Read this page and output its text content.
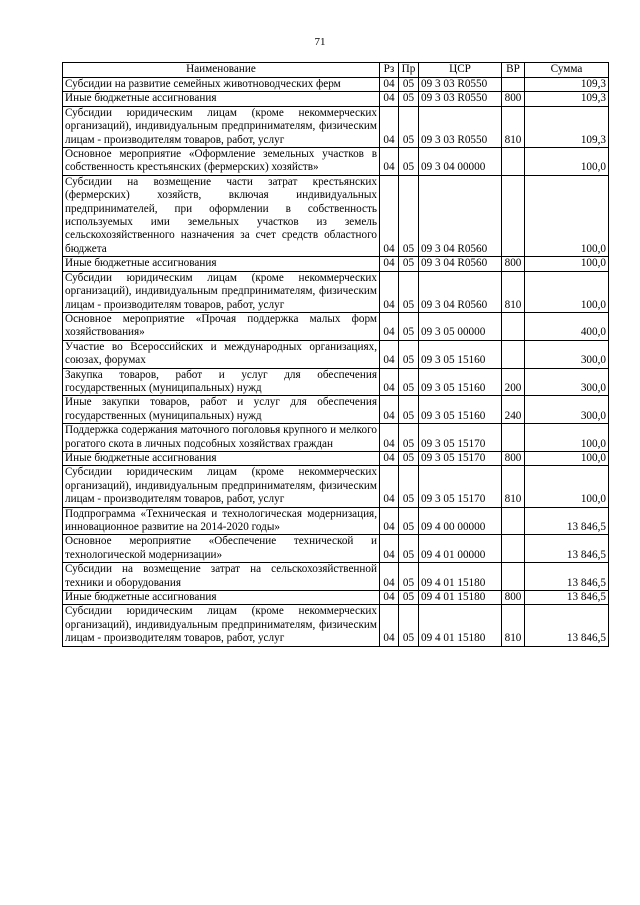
71
Наименование	Рз	Пр	ЦСР	ВР	Сумма
Субсидии на развитие семейных животноводческих ферм	04	05	09 3 03 R0550		109,3
Иные бюджетные ассигнования	04	05	09 3 03 R0550	800	109,3
Субсидии юридическим лицам (кроме некоммерческих организаций), индивидуальным предпринимателям, физическим лицам - производителям товаров, работ, услуг	04	05	09 3 03 R0550	810	109,3
Основное мероприятие «Оформление земельных участков в собственность крестьянских (фермерских) хозяйств»	04	05	09 3 04 00000		100,0
Субсидии на возмещение части затрат крестьянских (фермерских) хозяйств, включая индивидуальных предпринимателей, при оформлении в собственность используемых ими земельных участков из земель сельскохозяйственного назначения за счет средств областного бюджета	04	05	09 3 04 R0560		100,0
Иные бюджетные ассигнования	04	05	09 3 04 R0560	800	100,0
Субсидии юридическим лицам (кроме некоммерческих организаций), индивидуальным предпринимателям, физическим лицам - производителям товаров, работ, услуг	04	05	09 3 04 R0560	810	100,0
Основное мероприятие «Прочая поддержка малых форм хозяйствования»	04	05	09 3 05 00000		400,0
Участие во Всероссийских и международных организациях, союзах, форумах	04	05	09 3 05 15160		300,0
Закупка товаров, работ и услуг для обеспечения государственных (муниципальных) нужд	04	05	09 3 05 15160	200	300,0
Иные закупки товаров, работ и услуг для обеспечения государственных (муниципальных) нужд	04	05	09 3 05 15160	240	300,0
Поддержка содержания маточного поголовья крупного и мелкого рогатого скота в личных подсобных хозяйствах граждан	04	05	09 3 05 15170		100,0
Иные бюджетные ассигнования	04	05	09 3 05 15170	800	100,0
Субсидии юридическим лицам (кроме некоммерческих организаций), индивидуальным предпринимателям, физическим лицам - производителям товаров, работ, услуг	04	05	09 3 05 15170	810	100,0
Подпрограмма «Техническая и технологическая модернизация, инновационное развитие на 2014-2020 годы»	04	05	09 4 00 00000		13 846,5
Основное мероприятие «Обеспечение технической и технологической модернизации»	04	05	09 4 01 00000		13 846,5
Субсидии на возмещение затрат на сельскохозяйственной техники и оборудования	04	05	09 4 01 15180		13 846,5
Иные бюджетные ассигнования	04	05	09 4 01 15180	800	13 846,5
Субсидии юридическим лицам (кроме некоммерческих организаций), индивидуальным предпринимателям, физическим лицам - производителям товаров, работ, услуг	04	05	09 4 01 15180	810	13 846,5
